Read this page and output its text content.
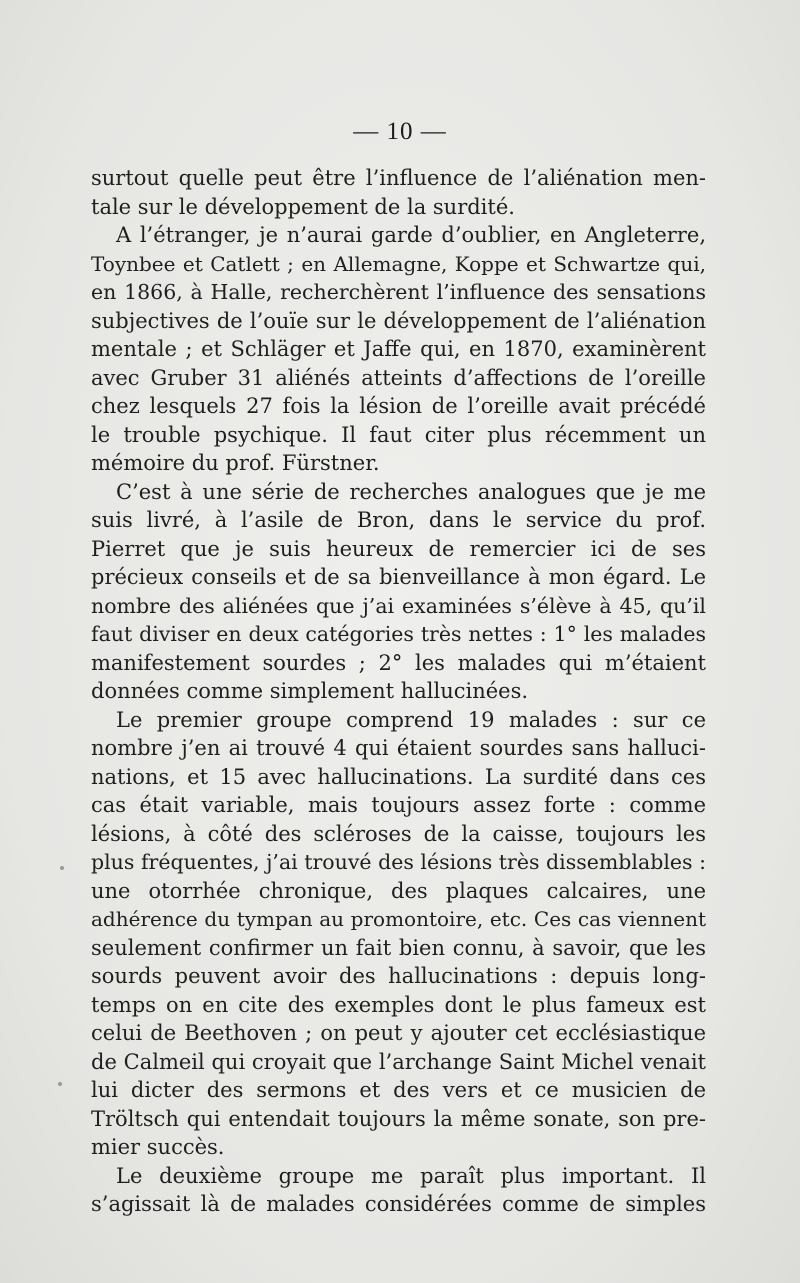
— 10 —
surtout quelle peut être l’influence de l’aliénation men-
tale sur le développement de la surdité.
A l’étranger, je n’aurai garde d’oublier, en Angleterre,
Toynbee et Catlett ; en Allemagne, Koppe et Schwartze qui,
en 1866, à Halle, recherchèrent l’influence des sensations
subjectives de l’ouïe sur le développement de l’aliénation
mentale ; et Schläger et Jaffe qui, en 1870, examinèrent
avec Gruber 31 aliénés atteints d’affections de l’oreille
chez lesquels 27 fois la lésion de l’oreille avait précédé
le trouble psychique. Il faut citer plus récemment un
mémoire du prof. Fürstner.
C’est à une série de recherches analogues que je me
suis livré, à l’asile de Bron, dans le service du prof.
Pierret que je suis heureux de remercier ici de ses
précieux conseils et de sa bienveillance à mon égard. Le
nombre des aliénées que j’ai examinées s’élève à 45, qu’il
faut diviser en deux catégories très nettes : 1° les malades
manifestement sourdes ; 2° les malades qui m’étaient
données comme simplement hallucinées.
Le premier groupe comprend 19 malades : sur ce
nombre j’en ai trouvé 4 qui étaient sourdes sans halluci-
nations, et 15 avec hallucinations. La surdité dans ces
cas était variable, mais toujours assez forte : comme
lésions, à côté des scléroses de la caisse, toujours les
plus fréquentes, j’ai trouvé des lésions très dissemblables :
une otorrhée chronique, des plaques calcaires, une
adhérence du tympan au promontoire, etc. Ces cas viennent
seulement confirmer un fait bien connu, à savoir, que les
sourds peuvent avoir des hallucinations : depuis long-
temps on en cite des exemples dont le plus fameux est
celui de Beethoven ; on peut y ajouter cet ecclésiastique
de Calmeil qui croyait que l’archange Saint Michel venait
lui dicter des sermons et des vers et ce musicien de
Tröltsch qui entendait toujours la même sonate, son pre-
mier succès.
Le deuxième groupe me paraît plus important. Il
s’agissait là de malades considérées comme de simples
